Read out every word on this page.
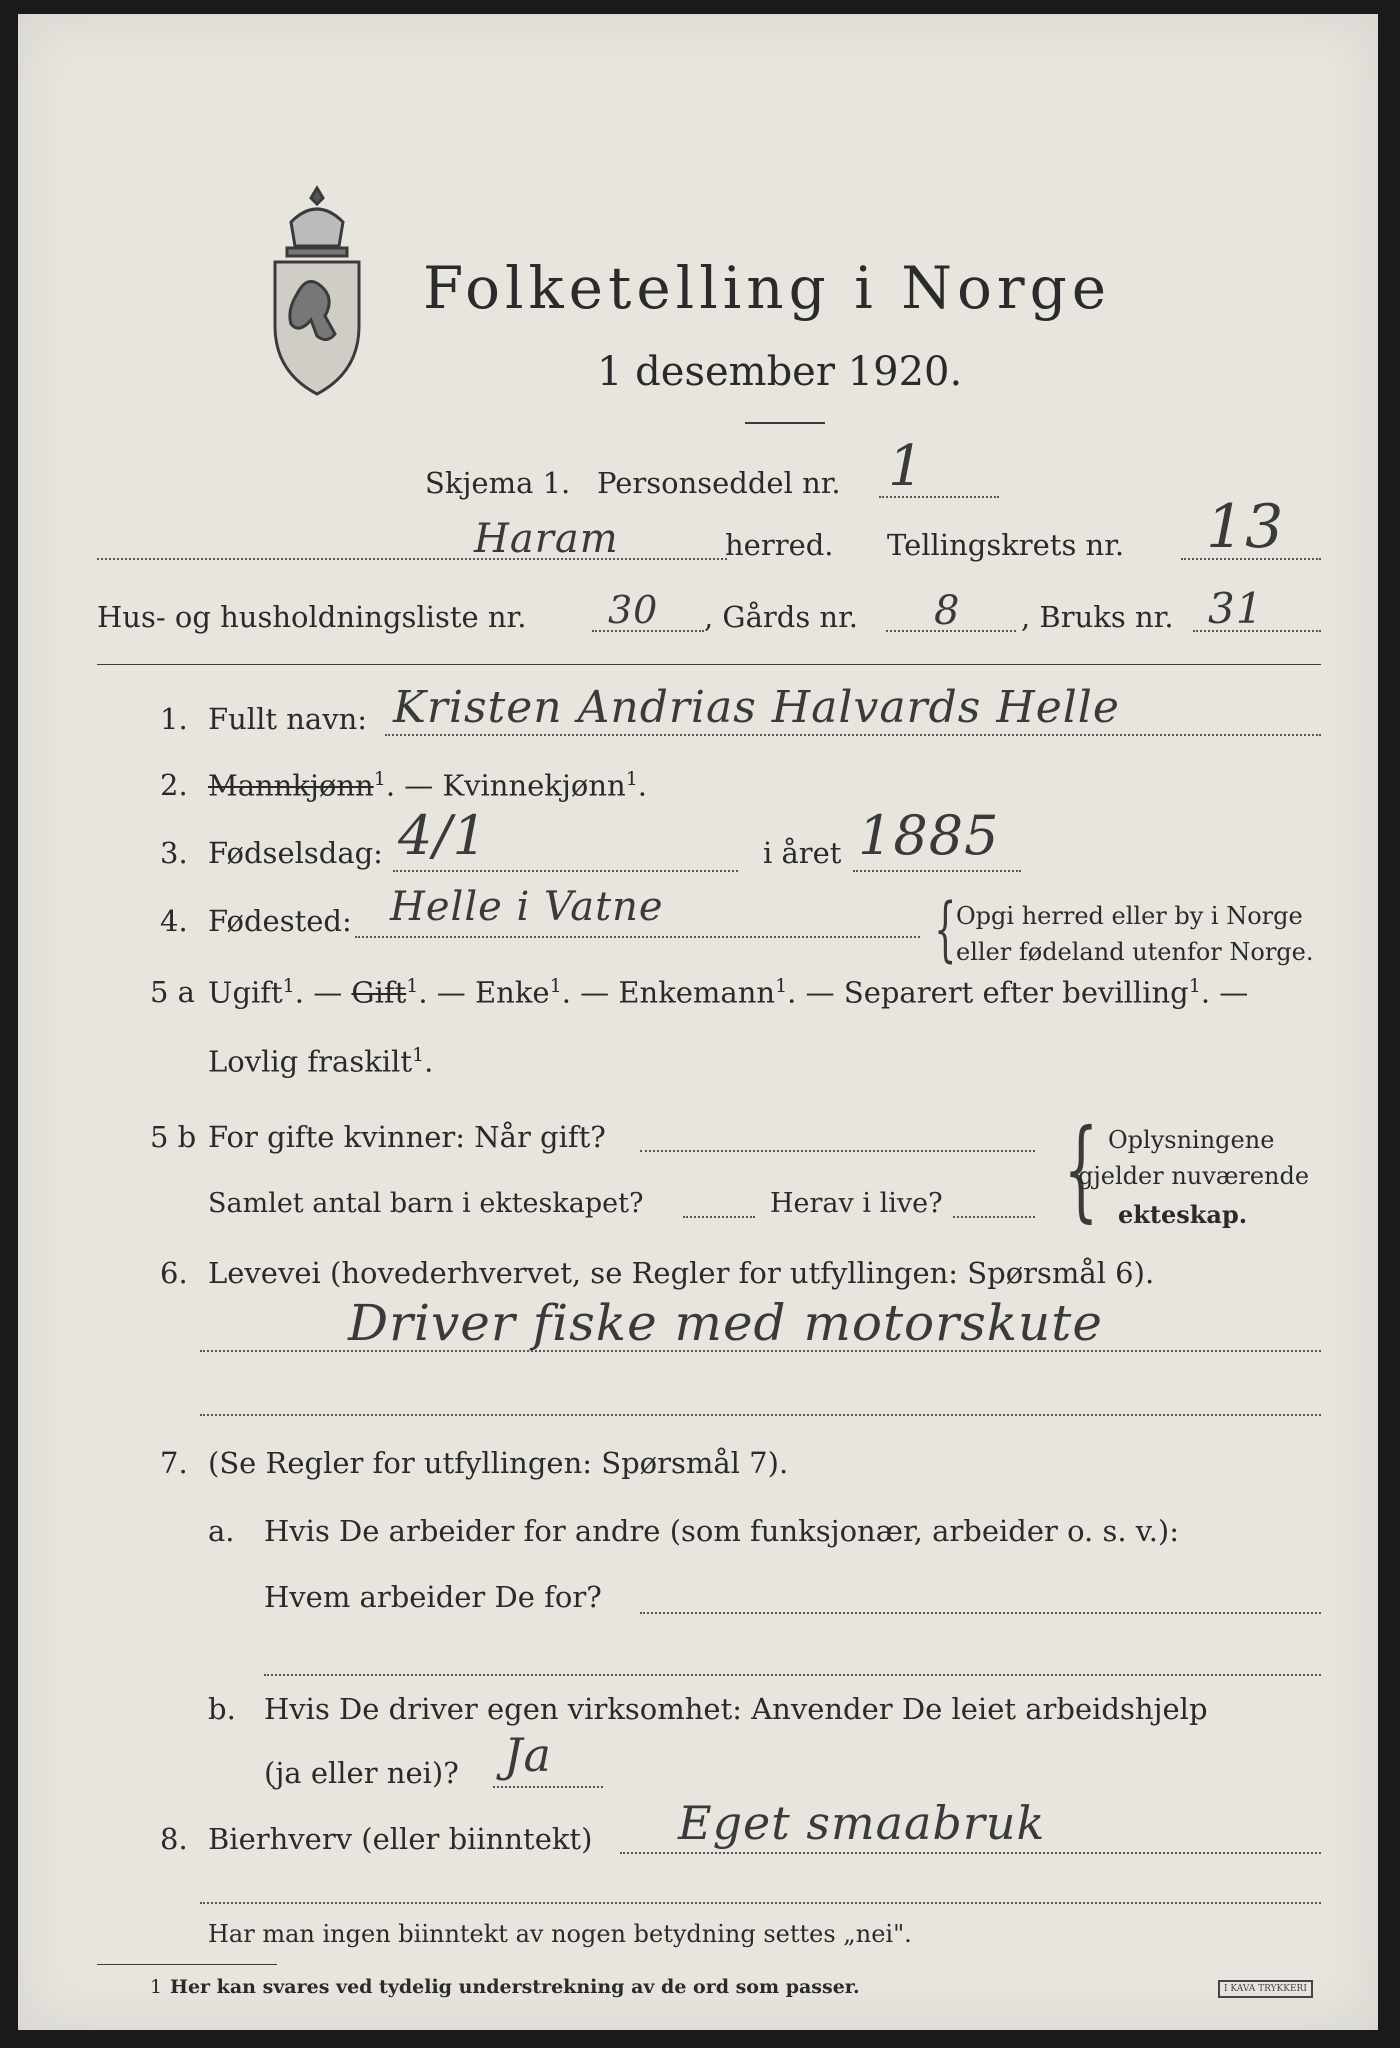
Folketelling i Norge
1 desember 1920.
Skjema 1. Personseddel nr. 1
Haram	herred. Tellingskrets nr. 13
Hus- og husholdningsliste nr. 30 , Gårds nr. 8 , Bruks nr. 31
1. Fullt navn: Kristen Andrias Halvards Helle
2. Mannkjønn$^1$. — Kvinnekjønn$^1$.
3. Fødselsdag: 4/1	i året 1885
4. Fødested: Helle i Vatne	{ Opgi herred eller by i Norge
eller fødeland utenfor Norge.
5 a Ugift$^1$. — Gift$^1$. — Enke$^1$. — Enkemann$^1$. — Separert efter bevilling$^1$. —
Lovlig fraskilt$^1$.
5 b For gifte kvinner: Når gift?
Samlet antal barn i ekteskapet?	Herav i live? { Oplysningene
gjelder nuværende
ekteskap.
6. Levevei (hovederhvervet, se Regler for utfyllingen: Spørsmål 6).
Driver fiske med motorskute
7. (Se Regler for utfyllingen: Spørsmål 7).
a. Hvis De arbeider for andre (som funksjonær, arbeider o. s. v.):
Hvem arbeider De for?
b. Hvis De driver egen virksomhet: Anvender De leiet arbeidshjelp
(ja eller nei)? Ja
8. Bierhverv (eller biinntekt) Eget smaabruk
Har man ingen biinntekt av nogen betydning settes „nei".
1 Her kan svares ved tydelig understrekning av de ord som passer.	I KAVA TRYKKERI
